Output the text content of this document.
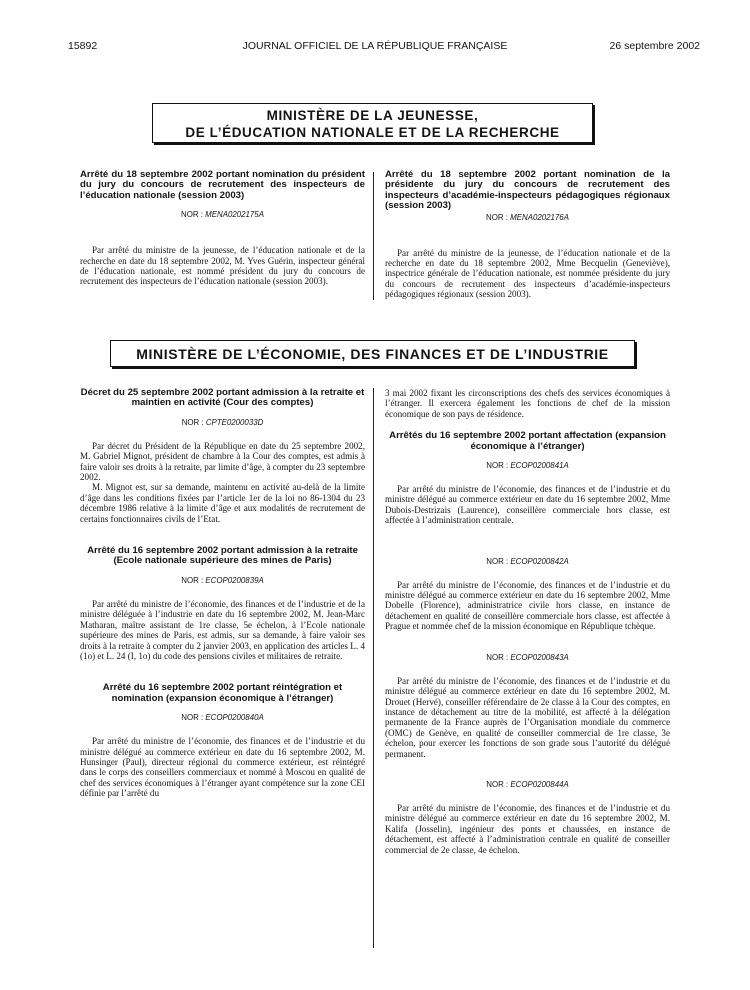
15892	JOURNAL OFFICIEL DE LA RÉPUBLIQUE FRANÇAISE	26 septembre 2002
MINISTÈRE DE LA JEUNESSE,
DE L’ÉDUCATION NATIONALE ET DE LA RECHERCHE
Arrêté du 18 septembre 2002 portant nomination du président du jury du concours de recrutement des inspecteurs de l’éducation nationale (session 2003)
NOR : MENA0202175A

Par arrêté du ministre de la jeunesse, de l’éducation nationale et de la recherche en date du 18 septembre 2002, M. Yves Guérin, inspecteur général de l’éducation nationale, est nommé président du jury du concours de recrutement des inspecteurs de l’éducation nationale (session 2003).

Arrêté du 18 septembre 2002 portant nomination de la présidente du jury du concours de recrutement des inspecteurs d’académie-inspecteurs pédagogiques régionaux (session 2003)
NOR : MENA0202176A

Par arrêté du ministre de la jeunesse, de l’éducation nationale et de la recherche en date du 18 septembre 2002, Mme Becquelin (Geneviève), inspectrice générale de l’éducation nationale, est nommée présidente du jury du concours de recrutement des inspecteurs d’académie-inspecteurs pédagogiques régionaux (session 2003).

MINISTÈRE DE L’ÉCONOMIE, DES FINANCES ET DE L’INDUSTRIE
Décret du 25 septembre 2002 portant admission à la retraite et maintien en activité (Cour des comptes)
NOR : CPTE0200033D

Par décret du Président de la République en date du 25 septembre 2002, M. Gabriel Mignot, président de chambre à la Cour des comptes, est admis à faire valoir ses droits à la retraite, par limite d’âge, à compter du 23 septembre 2002.

M. Mignot est, sur sa demande, maintenu en activité au-delà de la limite d’âge dans les conditions fixées par l’article 1er de la loi no 86-1304 du 23 décembre 1986 relative à la limite d’âge et aux modalités de recrutement de certains fonctionnaires civils de l’Etat.

Arrêté du 16 septembre 2002 portant admission à la retraite (Ecole nationale supérieure des mines de Paris)
NOR : ECOP0200839A

Par arrêté du ministre de l’économie, des finances et de l’industrie et de la ministre déléguée à l’industrie en date du 16 septembre 2002, M. Jean-Marc Matharan, maître assistant de 1re classe, 5e échelon, à l’Ecole nationale supérieure des mines de Paris, est admis, sur sa demande, à faire valoir ses droits à la retraite à compter du 2 janvier 2003, en application des articles L. 4 (1o) et L. 24 (I, 1o) du code des pensions civiles et militaires de retraite.

Arrêté du 16 septembre 2002 portant réintégration et nomination (expansion économique à l’étranger)
NOR : ECOP0200840A

Par arrêté du ministre de l’économie, des finances et de l’industrie et du ministre délégué au commerce extérieur en date du 16 septembre 2002, M. Hunsinger (Paul), directeur régional du commerce extérieur, est réintégré dans le corps des conseillers commerciaux et nommé à Moscou en qualité de chef des services économiques à l’étranger ayant compétence sur la zone CEI définie par l’arrêté du

3 mai 2002 fixant les circonscriptions des chefs des services économiques à l’étranger. Il exercera également les fonctions de chef de la mission économique de son pays de résidence.

Arrêtés du 16 septembre 2002 portant affectation (expansion économique à l’étranger)
NOR : ECOP0200841A

Par arrêté du ministre de l’économie, des finances et de l’industrie et du ministre délégué au commerce extérieur en date du 16 septembre 2002, Mme Dubois-Destrizais (Laurence), conseillère commerciale hors classe, est affectée à l’administration centrale.

NOR : ECOP0200842A

Par arrêté du ministre de l’économie, des finances et de l’industrie et du ministre délégué au commerce extérieur en date du 16 septembre 2002, Mme Dobelle (Florence), administratrice civile hors classe, en instance de détachement en qualité de conseillère commerciale hors classe, est affectée à Prague et nommée chef de la mission économique en République tchèque.

NOR : ECOP0200843A

Par arrêté du ministre de l’économie, des finances et de l’industrie et du ministre délégué au commerce extérieur en date du 16 septembre 2002, M. Drouet (Hervé), conseiller référendaire de 2e classe à la Cour des comptes, en instance de détachement au titre de la mobilité, est affecté à la délégation permanente de la France auprès de l’Organisation mondiale du commerce (OMC) de Genève, en qualité de conseiller commercial de 1re classe, 3e échelon, pour exercer les fonctions de son grade sous l’autorité du délégué permanent.

NOR : ECOP0200844A

Par arrêté du ministre de l’économie, des finances et de l’industrie et du ministre délégué au commerce extérieur en date du 16 septembre 2002, M. Kalifa (Josselin), ingénieur des ponts et chaussées, en instance de détachement, est affecté à l’administration centrale en qualité de conseiller commercial de 2e classe, 4e échelon.
